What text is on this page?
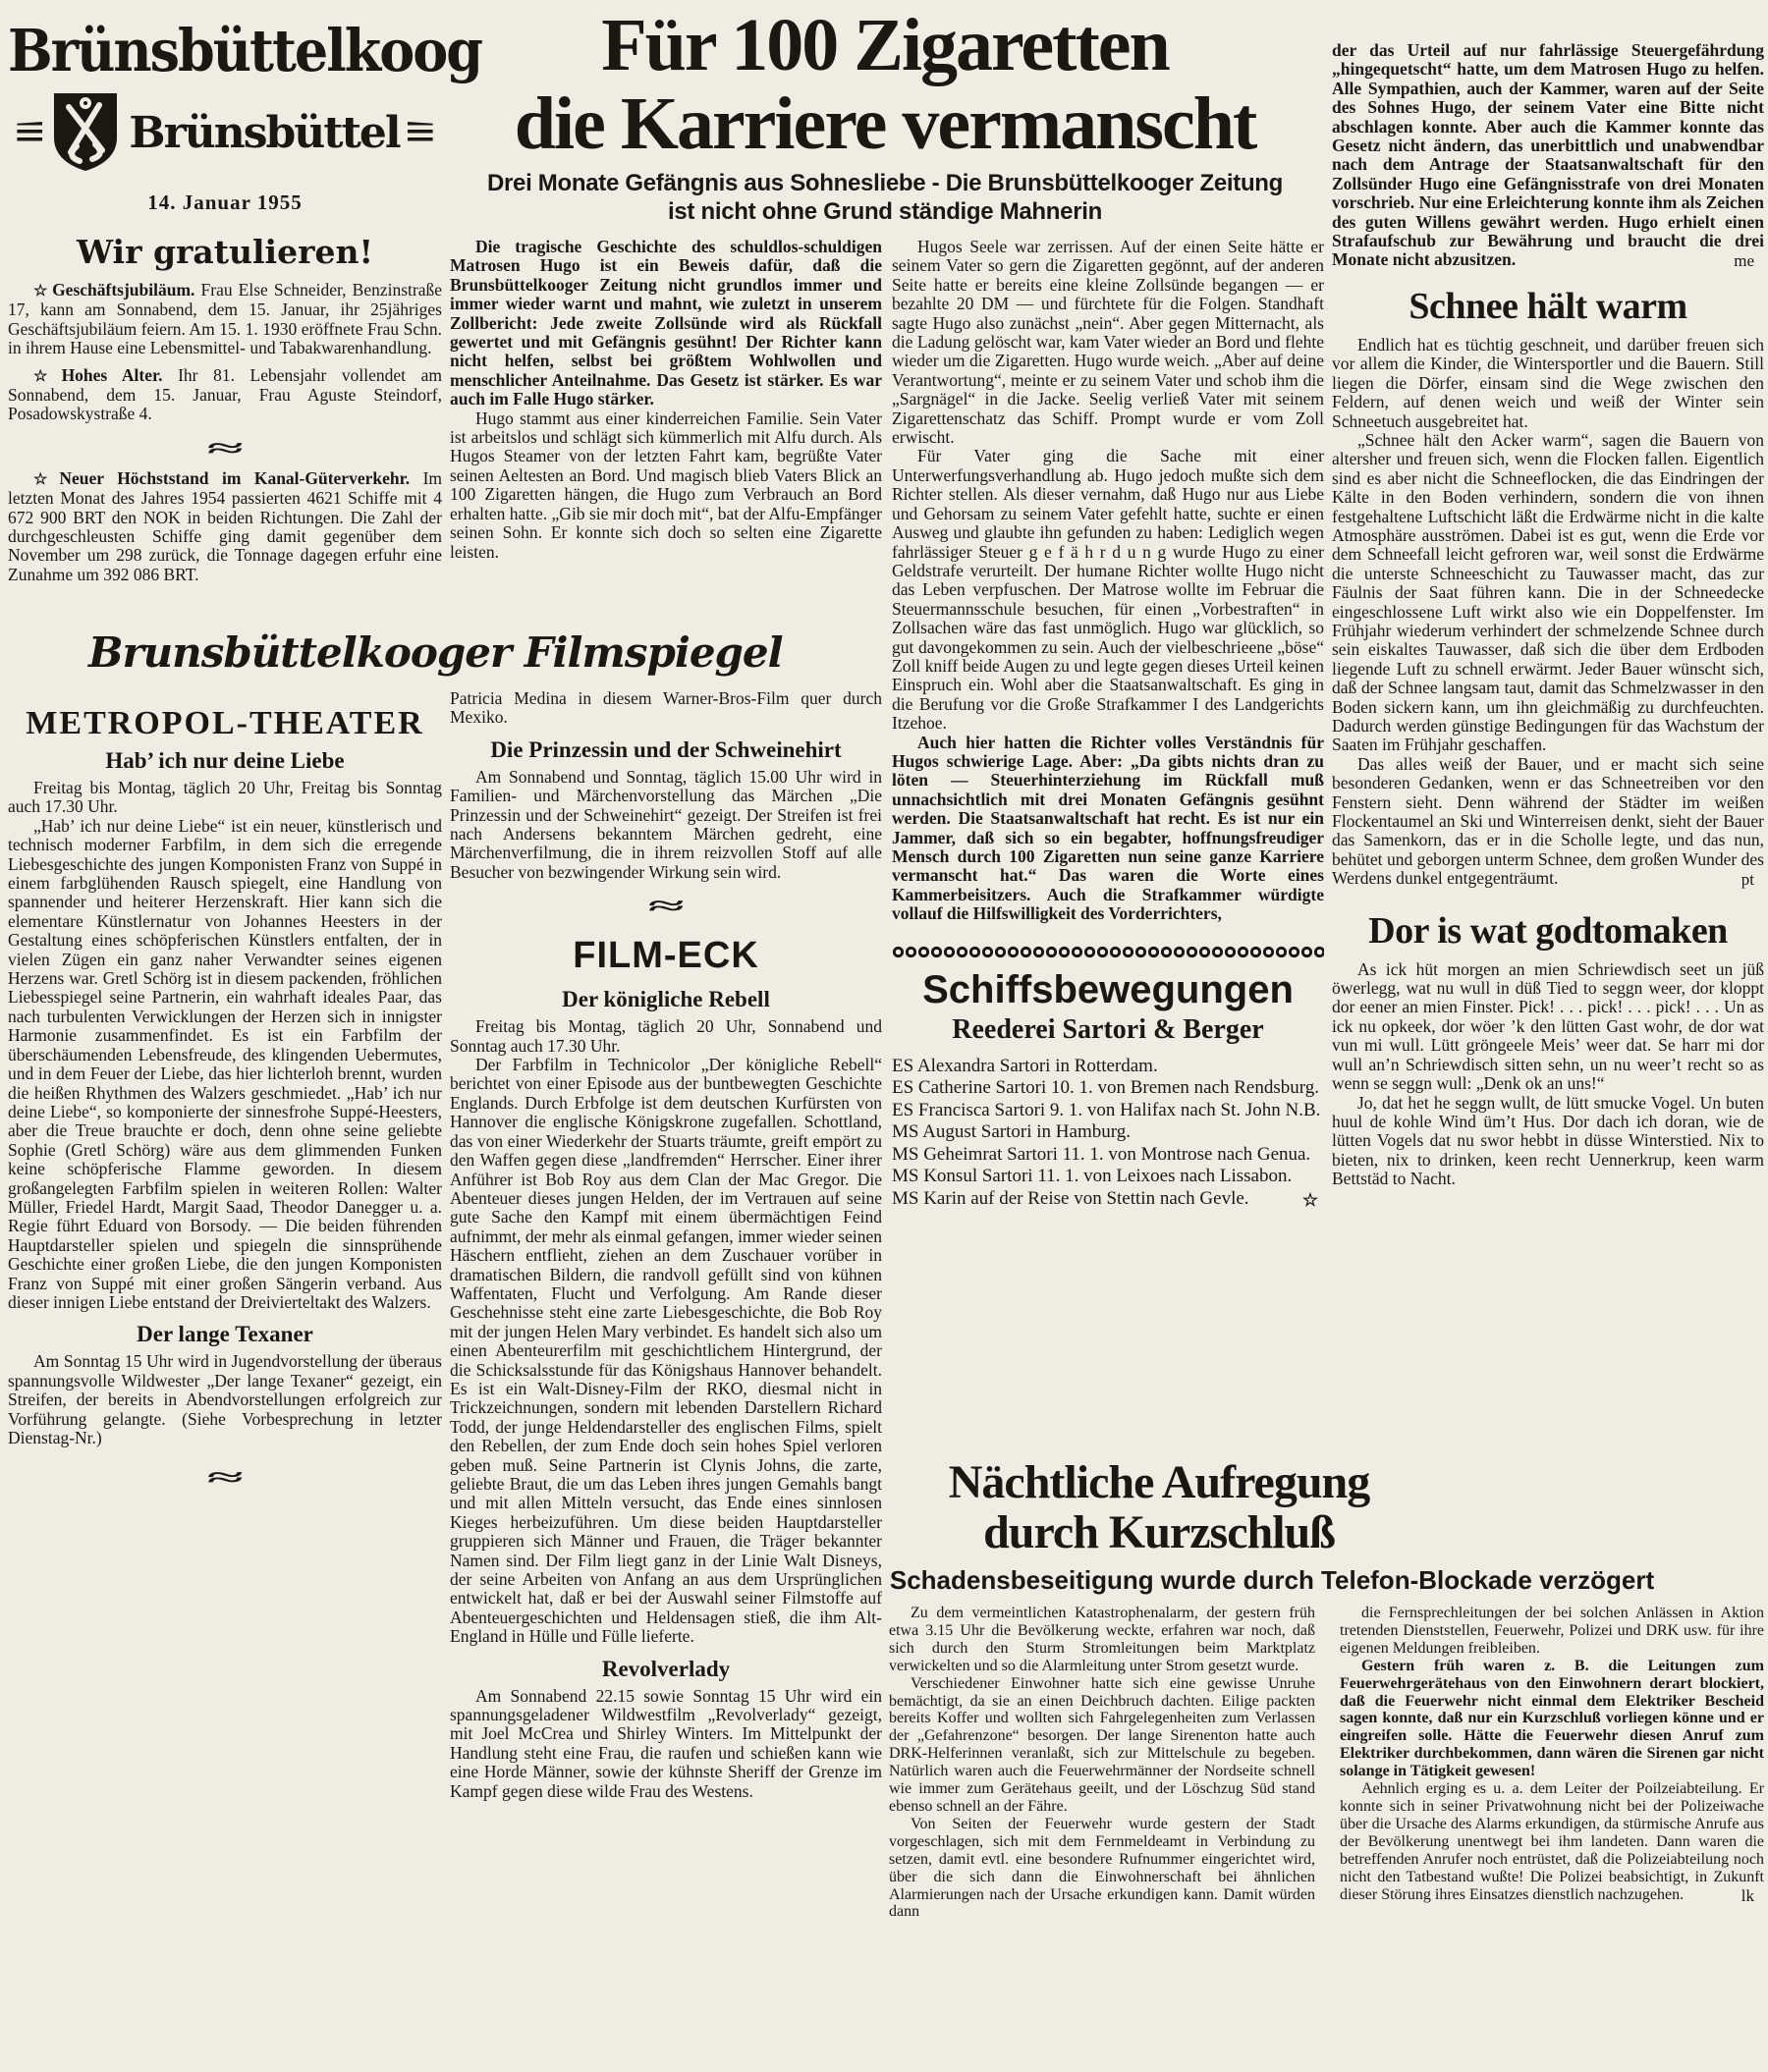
Brünsbüttelkoog
Brünsbüttel
14. Januar 1955
Wir gratulieren!

☆ Geschäftsjubiläum. Frau Else Schneider, Benzinstraße 17, kann am Sonnabend, dem 15. Januar, ihr 25jähriges Geschäftsjubiläum feiern. Am 15. 1. 1930 eröffnete Frau Schn. in ihrem Hause eine Lebensmittel- und Tabakwarenhandlung.

☆ Hohes Alter. Ihr 81. Lebensjahr vollendet am Sonnabend, dem 15. Januar, Frau Aguste Steindorf, Posadowskystraße 4.

≈

☆ Neuer Höchststand im Kanal-Güterverkehr. Im letzten Monat des Jahres 1954 passierten 4621 Schiffe mit 4 672 900 BRT den NOK in beiden Richtungen. Die Zahl der durchgeschleusten Schiffe ging damit gegenüber dem November um 298 zurück, die Tonnage dagegen erfuhr eine Zunahme um 392 086 BRT.

Für 100 Zigaretten
die Karriere vermanscht
Drei Monate Gefängnis aus Sohnesliebe - Die Brunsbüttelkooger Zeitung
ist nicht ohne Grund ständige Mahnerin

Die tragische Geschichte des schuldlos-schuldigen Matrosen Hugo ist ein Beweis dafür, daß die Brunsbüttelkooger Zeitung nicht grundlos immer und immer wieder warnt und mahnt, wie zuletzt in unserem Zollbericht: Jede zweite Zollsünde wird als Rückfall gewertet und mit Gefängnis gesühnt! Der Richter kann nicht helfen, selbst bei größtem Wohlwollen und menschlicher Anteilnahme. Das Gesetz ist stärker. Es war auch im Falle Hugo stärker.

Hugo stammt aus einer kinderreichen Familie. Sein Vater ist arbeitslos und schlägt sich kümmerlich mit Alfu durch. Als Hugos Steamer von der letzten Fahrt kam, begrüßte Vater seinen Aeltesten an Bord. Und magisch blieb Vaters Blick an 100 Zigaretten hängen, die Hugo zum Verbrauch an Bord erhalten hatte. „Gib sie mir doch mit“, bat der Alfu-Empfänger seinen Sohn. Er konnte sich doch so selten eine Zigarette leisten.

Hugos Seele war zerrissen. Auf der einen Seite hätte er seinem Vater so gern die Zigaretten gegönnt, auf der anderen Seite hatte er bereits eine kleine Zollsünde begangen — er bezahlte 20 DM — und fürchtete für die Folgen. Standhaft sagte Hugo also zunächst „nein“. Aber gegen Mitternacht, als die Ladung gelöscht war, kam Vater wieder an Bord und flehte wieder um die Zigaretten. Hugo wurde weich. „Aber auf deine Verantwortung“, meinte er zu seinem Vater und schob ihm die „Sargnägel“ in die Jacke. Seelig verließ Vater mit seinem Zigarettenschatz das Schiff. Prompt wurde er vom Zoll erwischt.

Für Vater ging die Sache mit einer Unterwerfungsverhandlung ab. Hugo jedoch mußte sich dem Richter stellen. Als dieser vernahm, daß Hugo nur aus Liebe und Gehorsam zu seinem Vater gefehlt hatte, suchte er einen Ausweg und glaubte ihn gefunden zu haben: Lediglich wegen fahrlässiger Steuer g e f ä h r d u n g wurde Hugo zu einer Geldstrafe verurteilt. Der humane Richter wollte Hugo nicht das Leben verpfuschen. Der Matrose wollte im Februar die Steuermannsschule besuchen, für einen „Vorbestraften“ in Zollsachen wäre das fast unmöglich. Hugo war glücklich, so gut davongekommen zu sein. Auch der vielbeschrieene „böse“ Zoll kniff beide Augen zu und legte gegen dieses Urteil keinen Einspruch ein. Wohl aber die Staatsanwaltschaft. Es ging in die Berufung vor die Große Strafkammer I des Landgerichts Itzehoe.

Auch hier hatten die Richter volles Verständnis für Hugos schwierige Lage. Aber: „Da gibts nichts dran zu löten — Steuerhinterziehung im Rückfall muß unnachsichtlich mit drei Monaten Gefängnis gesühnt werden. Die Staatsanwaltschaft hat recht. Es ist nur ein Jammer, daß sich so ein begabter, hoffnungsfreudiger Mensch durch 100 Zigaretten nun seine ganze Karriere vermanscht hat.“ Das waren die Worte eines Kammerbeisitzers. Auch die Strafkammer würdigte vollauf die Hilfswilligkeit des Vorderrichters,

Schiffsbewegungen
Reederei Sartori & Berger

ES Alexandra Sartori in Rotterdam.

ES Catherine Sartori 10. 1. von Bremen nach Rendsburg.

ES Francisca Sartori 9. 1. von Halifax nach St. John N.B.

MS August Sartori in Hamburg.

MS Geheimrat Sartori 11. 1. von Montrose nach Genua.

MS Konsul Sartori 11. 1. von Leixoes nach Lissabon.

MS Karin auf der Reise von Stettin nach Gevle.	☆

der das Urteil auf nur fahrlässige Steuergefährdung „hingequetscht“ hatte, um dem Matrosen Hugo zu helfen. Alle Sympathien, auch der Kammer, waren auf der Seite des Sohnes Hugo, der seinem Vater eine Bitte nicht abschlagen konnte. Aber auch die Kammer konnte das Gesetz nicht ändern, das unerbittlich und unabwendbar nach dem Antrage der Staatsanwaltschaft für den Zollsünder Hugo eine Gefängnisstrafe von drei Monaten vorschrieb. Nur eine Erleichterung konnte ihm als Zeichen des guten Willens gewährt werden. Hugo erhielt einen Strafaufschub zur Bewährung und braucht die drei Monate nicht abzusitzen.	me
Schnee hält warm

Endlich hat es tüchtig geschneit, und darüber freuen sich vor allem die Kinder, die Wintersportler und die Bauern. Still liegen die Dörfer, einsam sind die Wege zwischen den Feldern, auf denen weich und weiß der Winter sein Schneetuch ausgebreitet hat.

„Schnee hält den Acker warm“, sagen die Bauern von altersher und freuen sich, wenn die Flocken fallen. Eigentlich sind es aber nicht die Schneeflocken, die das Eindringen der Kälte in den Boden verhindern, sondern die von ihnen festgehaltene Luftschicht läßt die Erdwärme nicht in die kalte Atmosphäre ausströmen. Dabei ist es gut, wenn die Erde vor dem Schneefall leicht gefroren war, weil sonst die Erdwärme die unterste Schneeschicht zu Tauwasser macht, das zur Fäulnis der Saat führen kann. Die in der Schneedecke eingeschlossene Luft wirkt also wie ein Doppelfenster. Im Frühjahr wiederum verhindert der schmelzende Schnee durch sein eiskaltes Tauwasser, daß sich die über dem Erdboden liegende Luft zu schnell erwärmt. Jeder Bauer wünscht sich, daß der Schnee langsam taut, damit das Schmelzwasser in den Boden sickern kann, um ihn gleichmäßig zu durchfeuchten. Dadurch werden günstige Bedingungen für das Wachstum der Saaten im Frühjahr geschaffen.

Das alles weiß der Bauer, und er macht sich seine besonderen Gedanken, wenn er das Schneetreiben vor den Fenstern sieht. Denn während der Städter im weißen Flockentaumel an Ski und Winterreisen denkt, sieht der Bauer das Samenkorn, das er in die Scholle legte, und das nun, behütet und geborgen unterm Schnee, dem großen Wunder des Werdens dunkel entgegenträumt.	pt
Dor is wat godtomaken

As ick hüt morgen an mien Schriewdisch seet un jüß öwerlegg, wat nu wull in düß Tied to seggn weer, dor kloppt dor eener an mien Finster. Pick! . . . pick! . . . pick! . . . Un as ick nu opkeek, dor wöer ’k den lütten Gast wohr, de dor wat vun mi wull. Lütt gröngeele Meis’ weer dat. Se harr mi dor wull an’n Schriewdisch sitten sehn, un nu weer’t recht so as wenn se seggn wull: „Denk ok an uns!“

Jo, dat het he seggn wullt, de lütt smucke Vogel. Un buten huul de kohle Wind üm’t Hus. Dor dach ich doran, wie de lütten Vogels dat nu swor hebbt in düsse Winterstied. Nix to bieten, nix to drinken, keen recht Uennerkrup, keen warm Bettstäd to Nacht.

Brunsbüttelkooger Filmspiegel
METROPOL-THEATER
Hab’ ich nur deine Liebe

Freitag bis Montag, täglich 20 Uhr, Freitag bis Sonntag auch 17.30 Uhr.

„Hab’ ich nur deine Liebe“ ist ein neuer, künstlerisch und technisch moderner Farbfilm, in dem sich die erregende Liebesgeschichte des jungen Komponisten Franz von Suppé in einem farbglühenden Rausch spiegelt, eine Handlung von spannender und heiterer Herzenskraft. Hier kann sich die elementare Künstlernatur von Johannes Heesters in der Gestaltung eines schöpferischen Künstlers entfalten, der in vielen Zügen ein ganz naher Verwandter seines eigenen Herzens war. Gretl Schörg ist in diesem packenden, fröhlichen Liebesspiegel seine Partnerin, ein wahrhaft ideales Paar, das nach turbulenten Verwicklungen der Herzen sich in innigster Harmonie zusammenfindet. Es ist ein Farbfilm der überschäumenden Lebensfreude, des klingenden Uebermutes, und in dem Feuer der Liebe, das hier lichterloh brennt, wurden die heißen Rhythmen des Walzers geschmiedet. „Hab’ ich nur deine Liebe“, so komponierte der sinnesfrohe Suppé-Heesters, aber die Treue brauchte er doch, denn ohne seine geliebte Sophie (Gretl Schörg) wäre aus dem glimmenden Funken keine schöpferische Flamme geworden. In diesem großangelegten Farbfilm spielen in weiteren Rollen: Walter Müller, Friedel Hardt, Margit Saad, Theodor Danegger u. a. Regie führt Eduard von Borsody. — Die beiden führenden Hauptdarsteller spielen und spiegeln die sinnsprühende Geschichte einer großen Liebe, die den jungen Komponisten Franz von Suppé mit einer großen Sängerin verband. Aus dieser innigen Liebe entstand der Dreivierteltakt des Walzers.

Der lange Texaner

Am Sonntag 15 Uhr wird in Jugendvorstellung der überaus spannungsvolle Wildwester „Der lange Texaner“ gezeigt, ein Streifen, der bereits in Abendvorstellungen erfolgreich zur Vorführung gelangte. (Siehe Vorbesprechung in letzter Dienstag-Nr.)

≈

Patricia Medina in diesem Warner-Bros-Film quer durch Mexiko.

Die Prinzessin und der Schweinehirt

Am Sonnabend und Sonntag, täglich 15.00 Uhr wird in Familien- und Märchenvorstellung das Märchen „Die Prinzessin und der Schweinehirt“ gezeigt. Der Streifen ist frei nach Andersens bekanntem Märchen gedreht, eine Märchenverfilmung, die in ihrem reizvollen Stoff auf alle Besucher von bezwingender Wirkung sein wird.

≈
FILM-ECK
Der königliche Rebell

Freitag bis Montag, täglich 20 Uhr, Sonnabend und Sonntag auch 17.30 Uhr.

Der Farbfilm in Technicolor „Der königliche Rebell“ berichtet von einer Episode aus der buntbewegten Geschichte Englands. Durch Erbfolge ist dem deutschen Kurfürsten von Hannover die englische Königskrone zugefallen. Schottland, das von einer Wiederkehr der Stuarts träumte, greift empört zu den Waffen gegen diese „landfremden“ Herrscher. Einer ihrer Anführer ist Bob Roy aus dem Clan der Mac Gregor. Die Abenteuer dieses jungen Helden, der im Vertrauen auf seine gute Sache den Kampf mit einem übermächtigen Feind aufnimmt, der mehr als einmal gefangen, immer wieder seinen Häschern entflieht, ziehen an dem Zuschauer vorüber in dramatischen Bildern, die randvoll gefüllt sind von kühnen Waffentaten, Flucht und Verfolgung. Am Rande dieser Geschehnisse steht eine zarte Liebesgeschichte, die Bob Roy mit der jungen Helen Mary verbindet. Es handelt sich also um einen Abenteurerfilm mit geschichtlichem Hintergrund, der die Schicksalsstunde für das Königshaus Hannover behandelt. Es ist ein Walt-Disney-Film der RKO, diesmal nicht in Trickzeichnungen, sondern mit lebenden Darstellern Richard Todd, der junge Heldendarsteller des englischen Films, spielt den Rebellen, der zum Ende doch sein hohes Spiel verloren geben muß. Seine Partnerin ist Clynis Johns, die zarte, geliebte Braut, die um das Leben ihres jungen Gemahls bangt und mit allen Mitteln versucht, das Ende eines sinnlosen Kieges herbeizuführen. Um diese beiden Hauptdarsteller gruppieren sich Männer und Frauen, die Träger bekannter Namen sind. Der Film liegt ganz in der Linie Walt Disneys, der seine Arbeiten von Anfang an aus dem Ursprünglichen entwickelt hat, daß er bei der Auswahl seiner Filmstoffe auf Abenteuergeschichten und Heldensagen stieß, die ihm Alt-England in Hülle und Fülle lieferte.

Revolverlady

Am Sonnabend 22.15 sowie Sonntag 15 Uhr wird ein spannungsgeladener Wildwestfilm „Revolverlady“ gezeigt, mit Joel McCrea und Shirley Winters. Im Mittelpunkt der Handlung steht eine Frau, die raufen und schießen kann wie eine Horde Männer, sowie der kühnste Sheriff der Grenze im Kampf gegen diese wilde Frau des Westens.

Nächtliche Aufregung
durch Kurzschluß
Schadensbeseitigung wurde durch Telefon-Blockade verzögert

Zu dem vermeintlichen Katastrophenalarm, der gestern früh etwa 3.15 Uhr die Bevölkerung weckte, erfahren war noch, daß sich durch den Sturm Stromleitungen beim Marktplatz verwickelten und so die Alarmleitung unter Strom gesetzt wurde.

Verschiedener Einwohner hatte sich eine gewisse Unruhe bemächtigt, da sie an einen Deichbruch dachten. Eilige packten bereits Koffer und wollten sich Fahrgelegenheiten zum Verlassen der „Gefahrenzone“ besorgen. Der lange Sirenenton hatte auch DRK-Helferinnen veranlaßt, sich zur Mittelschule zu begeben. Natürlich waren auch die Feuerwehrmänner der Nordseite schnell wie immer zum Gerätehaus geeilt, und der Löschzug Süd stand ebenso schnell an der Fähre.

Von Seiten der Feuerwehr wurde gestern der Stadt vorgeschlagen, sich mit dem Fernmeldeamt in Verbindung zu setzen, damit evtl. eine besondere Rufnummer eingerichtet wird, über die sich dann die Einwohnerschaft bei ähnlichen Alarmierungen nach der Ursache erkundigen kann. Damit würden dann

die Fernsprechleitungen der bei solchen Anlässen in Aktion tretenden Dienststellen, Feuerwehr, Polizei und DRK usw. für ihre eigenen Meldungen freibleiben.

Gestern früh waren z. B. die Leitungen zum Feuerwehrgerätehaus von den Einwohnern derart blockiert, daß die Feuerwehr nicht einmal dem Elektriker Bescheid sagen konnte, daß nur ein Kurzschluß vorliegen könne und er eingreifen solle. Hätte die Feuerwehr diesen Anruf zum Elektriker durchbekommen, dann wären die Sirenen gar nicht solange in Tätigkeit gewesen!

Aehnlich erging es u. a. dem Leiter der Poilzeiabteilung. Er konnte sich in seiner Privatwohnung nicht bei der Polizeiwache über die Ursache des Alarms erkundigen, da stürmische Anrufe aus der Bevölkerung unentwegt bei ihm landeten. Dann waren die betreffenden Anrufer noch entrüstet, daß die Polizeiabteilung noch nicht den Tatbestand wußte! Die Polizei beabsichtigt, in Zukunft dieser Störung ihres Einsatzes dienstlich nachzugehen.	lk
